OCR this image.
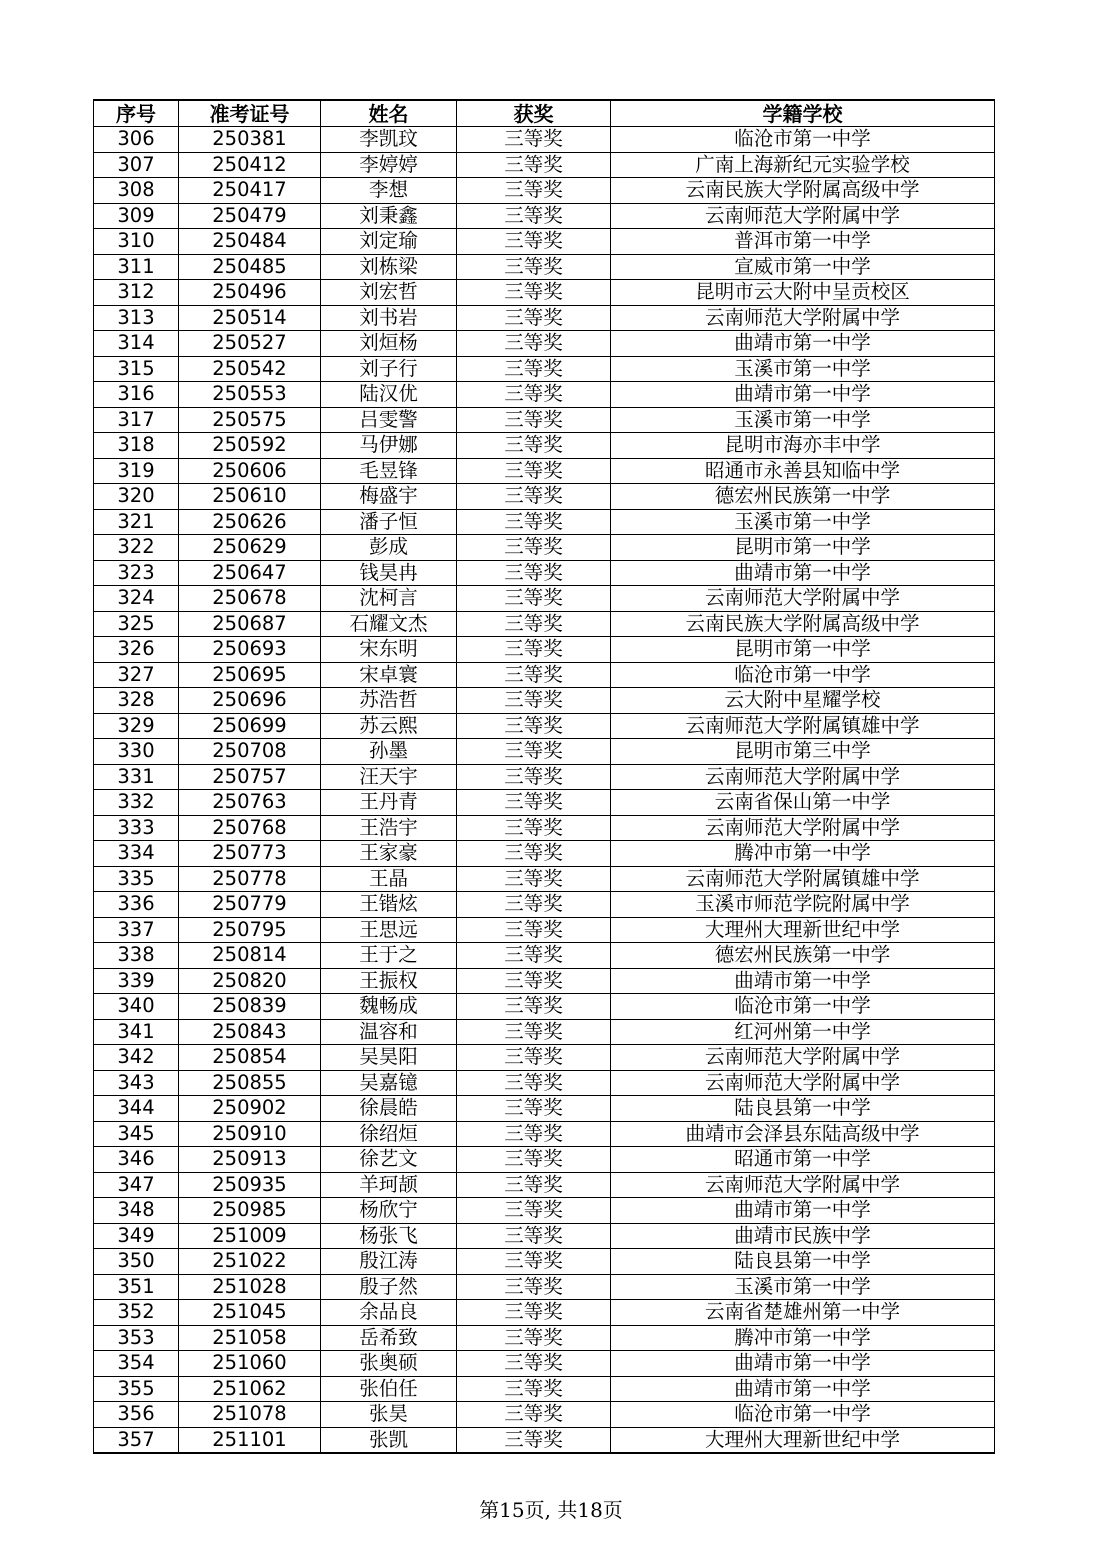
序号	准考证号	姓名	获奖	学籍学校
306	250381	李凯玟	三等奖	临沧市第一中学
307	250412	李婷婷	三等奖	广南上海新纪元实验学校
308	250417	李想	三等奖	云南民族大学附属高级中学
309	250479	刘秉鑫	三等奖	云南师范大学附属中学
310	250484	刘定瑜	三等奖	普洱市第一中学
311	250485	刘栋梁	三等奖	宣威市第一中学
312	250496	刘宏哲	三等奖	昆明市云大附中呈贡校区
313	250514	刘书岩	三等奖	云南师范大学附属中学
314	250527	刘烜杨	三等奖	曲靖市第一中学
315	250542	刘子行	三等奖	玉溪市第一中学
316	250553	陆汉优	三等奖	曲靖市第一中学
317	250575	吕雯警	三等奖	玉溪市第一中学
318	250592	马伊娜	三等奖	昆明市海亦丰中学
319	250606	毛昱锋	三等奖	昭通市永善县知临中学
320	250610	梅盛宇	三等奖	德宏州民族第一中学
321	250626	潘子恒	三等奖	玉溪市第一中学
322	250629	彭成	三等奖	昆明市第一中学
323	250647	钱昊冉	三等奖	曲靖市第一中学
324	250678	沈柯言	三等奖	云南师范大学附属中学
325	250687	石耀文杰	三等奖	云南民族大学附属高级中学
326	250693	宋东明	三等奖	昆明市第一中学
327	250695	宋卓寰	三等奖	临沧市第一中学
328	250696	苏浩哲	三等奖	云大附中星耀学校
329	250699	苏云熙	三等奖	云南师范大学附属镇雄中学
330	250708	孙墨	三等奖	昆明市第三中学
331	250757	汪天宇	三等奖	云南师范大学附属中学
332	250763	王丹青	三等奖	云南省保山第一中学
333	250768	王浩宇	三等奖	云南师范大学附属中学
334	250773	王家豪	三等奖	腾冲市第一中学
335	250778	王晶	三等奖	云南师范大学附属镇雄中学
336	250779	王锴炫	三等奖	玉溪市师范学院附属中学
337	250795	王思远	三等奖	大理州大理新世纪中学
338	250814	王于之	三等奖	德宏州民族第一中学
339	250820	王振权	三等奖	曲靖市第一中学
340	250839	魏畅成	三等奖	临沧市第一中学
341	250843	温容和	三等奖	红河州第一中学
342	250854	吴昊阳	三等奖	云南师范大学附属中学
343	250855	吴嘉镱	三等奖	云南师范大学附属中学
344	250902	徐晨皓	三等奖	陆良县第一中学
345	250910	徐绍烜	三等奖	曲靖市会泽县东陆高级中学
346	250913	徐艺文	三等奖	昭通市第一中学
347	250935	羊珂颉	三等奖	云南师范大学附属中学
348	250985	杨欣宁	三等奖	曲靖市第一中学
349	251009	杨张飞	三等奖	曲靖市民族中学
350	251022	殷江涛	三等奖	陆良县第一中学
351	251028	殷子然	三等奖	玉溪市第一中学
352	251045	余品良	三等奖	云南省楚雄州第一中学
353	251058	岳希致	三等奖	腾冲市第一中学
354	251060	张奥硕	三等奖	曲靖市第一中学
355	251062	张伯任	三等奖	曲靖市第一中学
356	251078	张昊	三等奖	临沧市第一中学
357	251101	张凯	三等奖	大理州大理新世纪中学
第15页, 共18页
